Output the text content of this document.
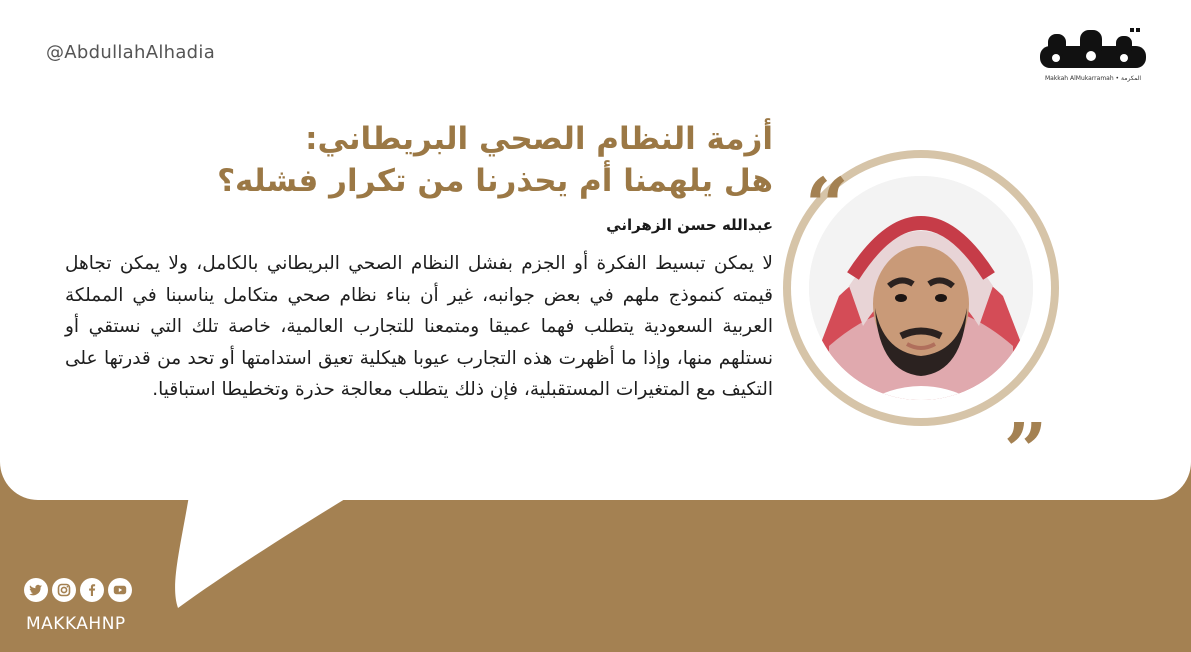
@AbdullahAlhadia
Makkah AlMukarramah • المكرمة
أزمة النظام الصحي البريطاني:
هل يلهمنا أم يحذرنا من تكرار فشله؟
عبدالله حسن الزهراني

لا يمكن تبسيط الفكرة أو الجزم بفشل النظام الصحي البريطاني بالكامل، ولا يمكن تجاهل قيمته كنموذج ملهم في بعض جوانبه، غير أن بناء نظام صحي متكامل يناسبنا في المملكة العربية السعودية يتطلب فهما عميقا ومتمعنا للتجارب العالمية، خاصة تلك التي نستقي أو نستلهم منها، وإذا ما أظهرت هذه التجارب عيوبا هيكلية تعيق استدامتها أو تحد من قدرتها على التكيف مع المتغيرات المستقبلية، فإن ذلك يتطلب معالجة حذرة وتخطيطا استباقيا.

“
„
MAKKAHNP
